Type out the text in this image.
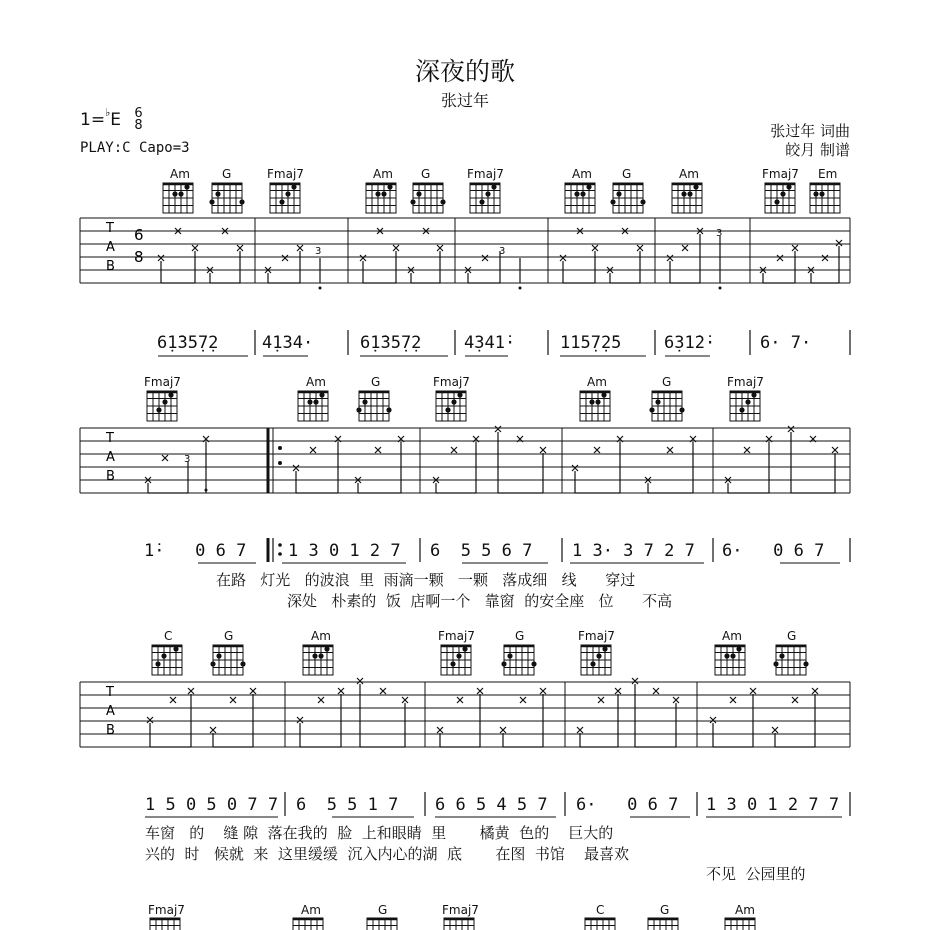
深夜的歌
张过年
1=♭E 6
8
PLAY:C Capo=3
张过年 词曲
皎月 制谱
T
A
B
6
8	3	3
3
T
A
B
3
T
A
B
Am	G	Fmaj7	Am G	Fmaj7	Am	G	Am	Fmaj7 Em
Fmaj7	Am	G	Fmaj7	Am	G	Fmaj7
C	G	Am	Fmaj7	G	Fmaj7	Am	G
Fmaj7	Am	G	Fmaj7	C	G	Am
6̣1̇35̣7̣2	4̣134·	6̣1̇35̣7̣2	4̣341̇·	1̇15̣7̣2̇5	6̣31̇2̇·	6· 7·
1̇·   0 6 7 1 3 0 1 2 7 6  5 5 6 7 1 3· 3 7 2 7 6·   0 6 7
在路   灯光   的波浪  里  雨滴一颗   一颗   落成细   线      穿过
深处   朴素的  饭  店啊一个   靠窗  的安全座   位      不高
1 5 0 5 0 7 7 6  5 5 1 7 6 6 5 4 5 7 6·   0 6 7 1 3 0 1 2 7 7
车窗   的    缝 隙  落在我的  脸  上和眼睛  里       橘黄  色的    巨大的
兴的  时   候就  来  这里缓缓  沉入内心的湖  底       在图  书馆    最喜欢
不见  公园里的
